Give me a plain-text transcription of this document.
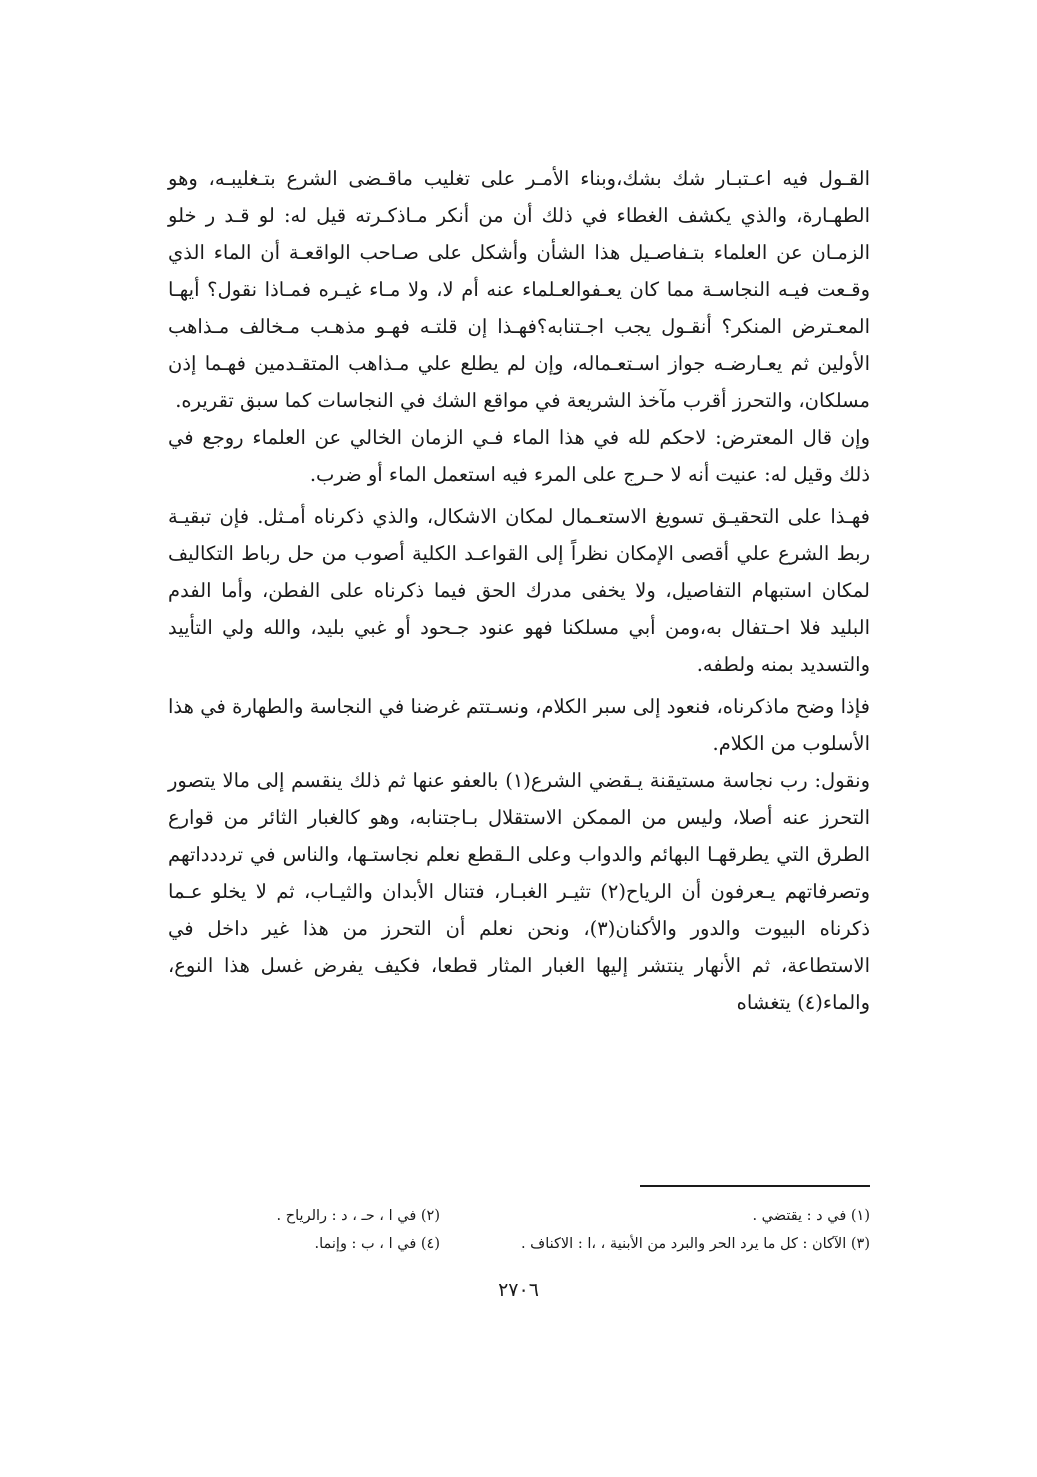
القـول فيه اعـتبـار شك بشك،وبناء الأمـر على تغليب ماقـضى الشرع بتـغليبـه، وهو الطهـارة، والذي يكشف الغطاء في ذلك أن من أنكر مـاذكـرته قيل له: لو قـد ر خلو الزمـان عن العلماء بتـفاصـيل هذا الشأن وأشكل على صـاحب الواقعـة أن الماء الذي وقـعت فيـه النجاسـة مما كان يعـفوالعـلماء عنه أم لا، ولا مـاء غيـره فمـاذا نقول؟ أيهـا المعـترض المنكر؟ أنقـول يجب اجـتنابه؟فهـذا إن قلتـه فهـو مذهـب مـخالف مـذاهب الأولين ثم يعـارضـه جواز اسـتعـماله، وإن لم يطلع علي مـذاهب المتقـدمين فهـما إذن مسلكان، والتحرز أقرب مآخذ الشريعة في مواقع الشك في النجاسات كما سبق تقريره.

وإن قال المعترض: لاحكم لله في هذا الماء فـي الزمان الخالي عن العلماء روجع في ذلك وقيل له: عنيت أنه لا حـرج على المرء فيه استعمل الماء أو ضرب.

فهـذا على التحقيـق تسويغ الاستعـمال لمكان الاشكال، والذي ذكرناه أمـثل. فإن تبقيـة ربط الشرع علي أقصى الإمكان نظراً إلى القواعـد الكلية أصوب من حل رباط التكاليف لمكان استبهام التفاصيل، ولا يخفى مدرك الحق فيما ذكرناه على الفطن، وأما الفدم البليد فلا احـتفال به،ومن أبي مسلكنا فهو عنود جـحود أو غبي بليد، والله ولي التأييد والتسديد بمنه ولطفه.

فإذا وضح ماذكرناه، فنعود إلى سبر الكلام، ونسـتتم غرضنا في النجاسة والطهارة في هذا الأسلوب من الكلام.

ونقول: رب نجاسة مستيقنة يـقضي الشرع(١) بالعفو عنها ثم ذلك ينقسم إلى مالا يتصور التحرز عنه أصلا، وليس من الممكن الاستقلال بـاجتنابه، وهو كالغبار الثائر من قوارع الطرق التي يطرقهـا البهائم والدواب وعلى الـقطع نعلم نجاستـها، والناس في ترددداتهم وتصرفاتهم يـعرفون أن الرياح(٢) تثيـر الغبـار، فتنال الأبدان والثيـاب، ثم لا يخلو عـما ذكرناه البيوت والدور والأكنان(٣)، ونحن نعلم أن التحرز من هذا غير داخل في الاستطاعة، ثم الأنهار ينتشر إليها الغبار المثار قطعا، فكيف يفرض غسل هذا النوع، والماء(٤) يتغشاه

(١) في د : يقتضي .
(٢) في ا ، حـ ، د : رالرياح .
(٣) الآكان : كل ما يرد الحر والبرد من الأبنية ، ،ا : الاكناف .
(٤) في ا ، ب : وإنما.
٢٧٠٦
